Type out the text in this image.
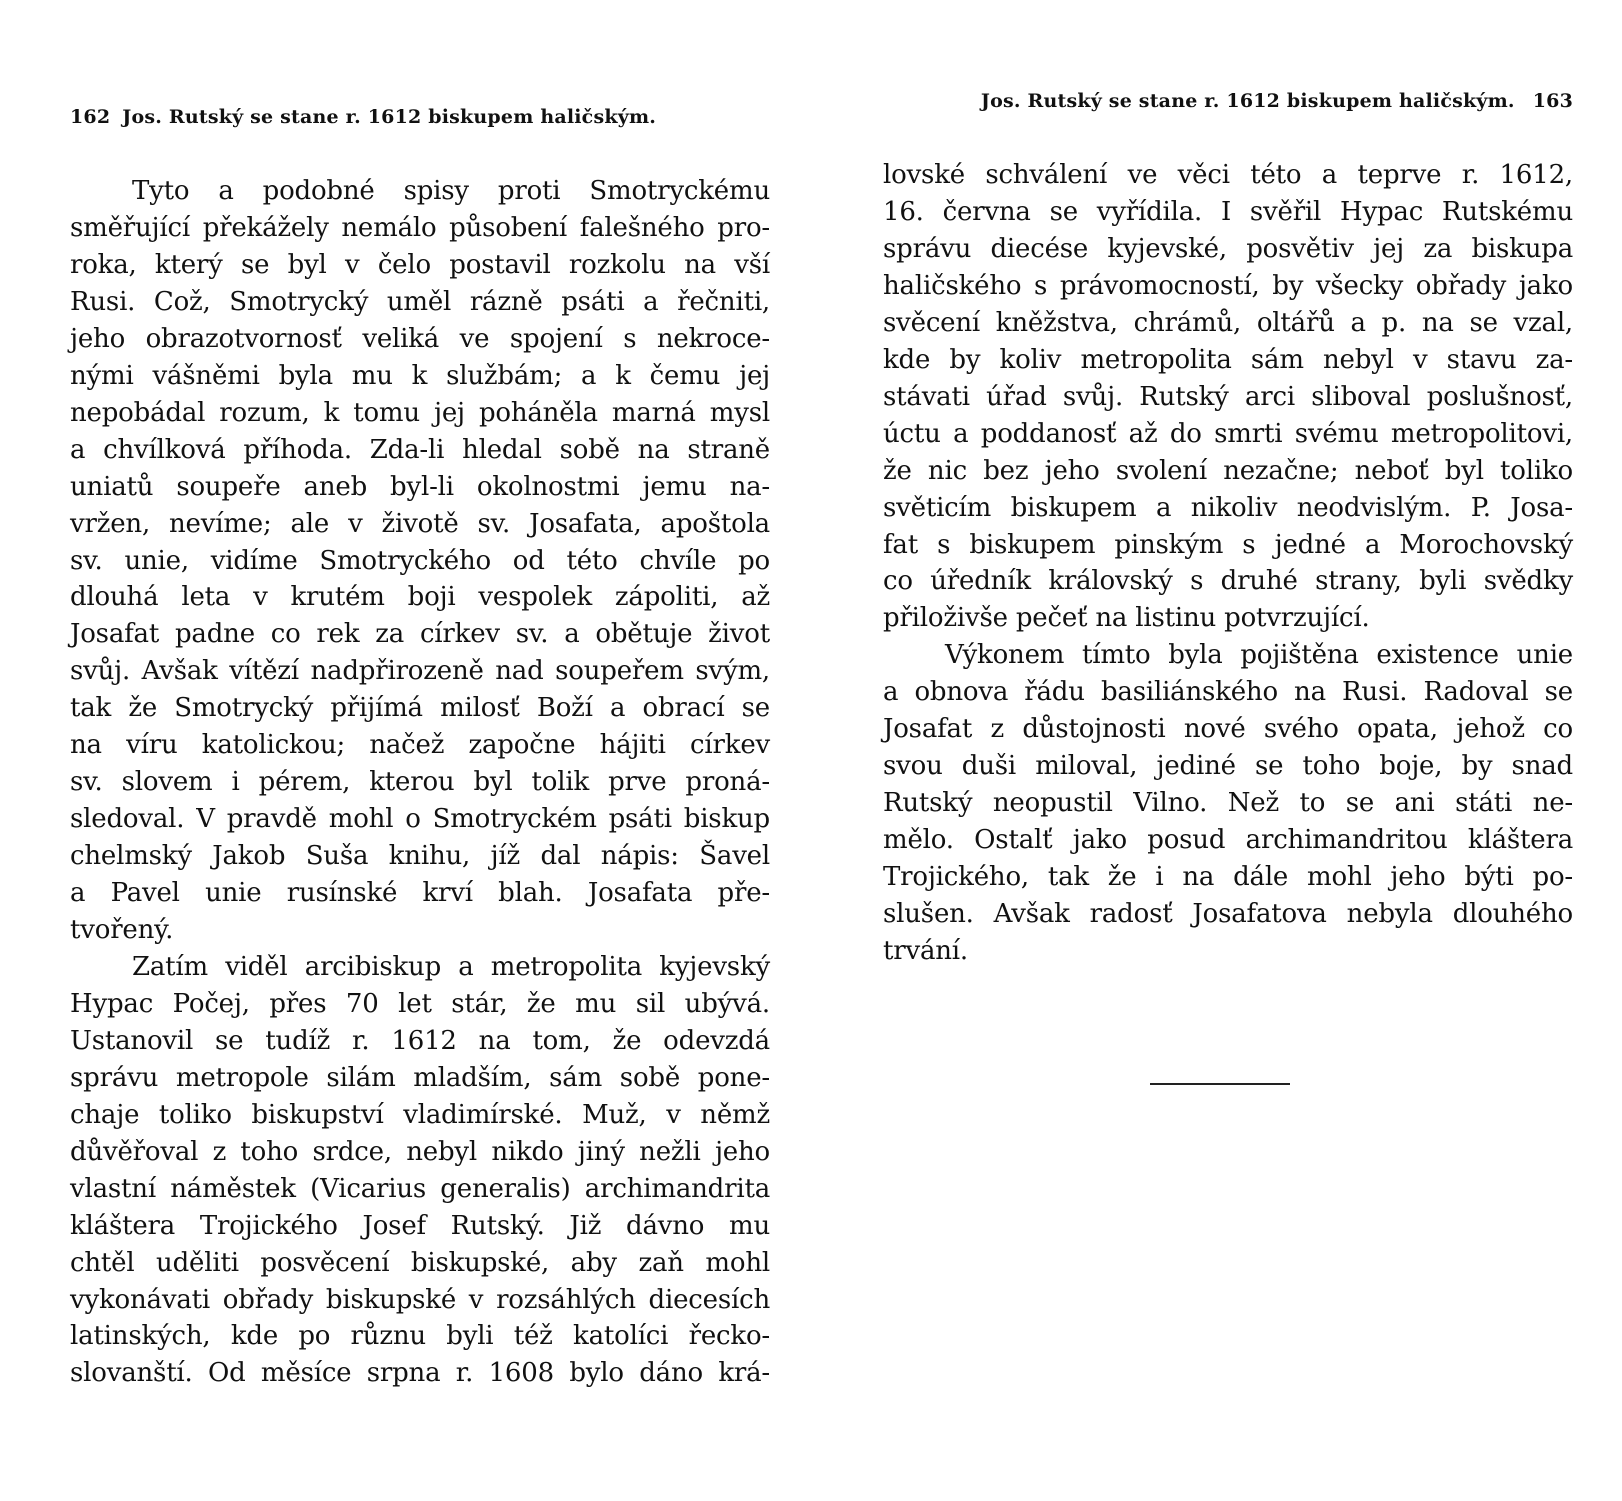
162 Jos. Rutský se stane r. 1612 biskupem haličským.
Tyto a podobné spisy proti Smotryckému
směřující překážely nemálo působení falešného pro-
roka, který se byl v čelo postavil rozkolu na vší
Rusi. Což, Smotrycký uměl rázně psáti a řečniti,
jeho obrazotvornosť veliká ve spojení s nekroce-
nými vášněmi byla mu k službám; a k čemu jej
nepobádal rozum, k tomu jej poháněla marná mysl
a chvílková příhoda. Zda-li hledal sobě na straně
uniatů soupeře aneb byl-li okolnostmi jemu na-
vržen, nevíme; ale v životě sv. Josafata, apoštola
sv. unie, vidíme Smotryckého od této chvíle po
dlouhá leta v krutém boji vespolek zápoliti, až
Josafat padne co rek za církev sv. a obětuje život
svůj. Avšak vítězí nadpřirozeně nad soupeřem svým,
tak že Smotrycký přijímá milosť Boží a obrací se
na víru katolickou; načež započne hájiti církev
sv. slovem i pérem, kterou byl tolik prve proná-
sledoval. V pravdě mohl o Smotryckém psáti biskup
chelmský Jakob Suša knihu, jíž dal nápis: Šavel
a Pavel unie rusínské krví blah. Josafata pře-
tvořený.
Zatím viděl arcibiskup a metropolita kyjevský
Hypac Počej, přes 70 let stár, že mu sil ubývá.
Ustanovil se tudíž r. 1612 na tom, že odevzdá
správu metropole silám mladším, sám sobě pone-
chaje toliko biskupství vladimírské. Muž, v němž
důvěřoval z toho srdce, nebyl nikdo jiný nežli jeho
vlastní náměstek (Vicarius generalis) archimandrita
kláštera Trojického Josef Rutský. Již dávno mu
chtěl uděliti posvěcení biskupské, aby zaň mohl
vykonávati obřady biskupské v rozsáhlých diecesích
latinských, kde po různu byli též katolíci řecko-
slovanští. Od měsíce srpna r. 1608 bylo dáno krá-
Jos. Rutský se stane r. 1612 biskupem haličským. 163
lovské schválení ve věci této a teprve r. 1612,
16. června se vyřídila. I svěřil Hypac Rutskému
správu diecése kyjevské, posvětiv jej za biskupa
haličského s právomocností, by všecky obřady jako
svěcení kněžstva, chrámů, oltářů a p. na se vzal,
kde by koliv metropolita sám nebyl v stavu za-
stávati úřad svůj. Rutský arci sliboval poslušnosť,
úctu a poddanosť až do smrti svému metropolitovi,
že nic bez jeho svolení nezačne; neboť byl toliko
světicím biskupem a nikoliv neodvislým. P. Josa-
fat s biskupem pinským s jedné a Morochovský
co úředník královský s druhé strany, byli svědky
přiloživše pečeť na listinu potvrzující.
Výkonem tímto byla pojištěna existence unie
a obnova řádu basiliánského na Rusi. Radoval se
Josafat z důstojnosti nové svého opata, jehož co
svou duši miloval, jediné se toho boje, by snad
Rutský neopustil Vilno. Než to se ani státi ne-
mělo. Ostalť jako posud archimandritou kláštera
Trojického, tak že i na dále mohl jeho býti po-
slušen. Avšak radosť Josafatova nebyla dlouhého
trvání.
